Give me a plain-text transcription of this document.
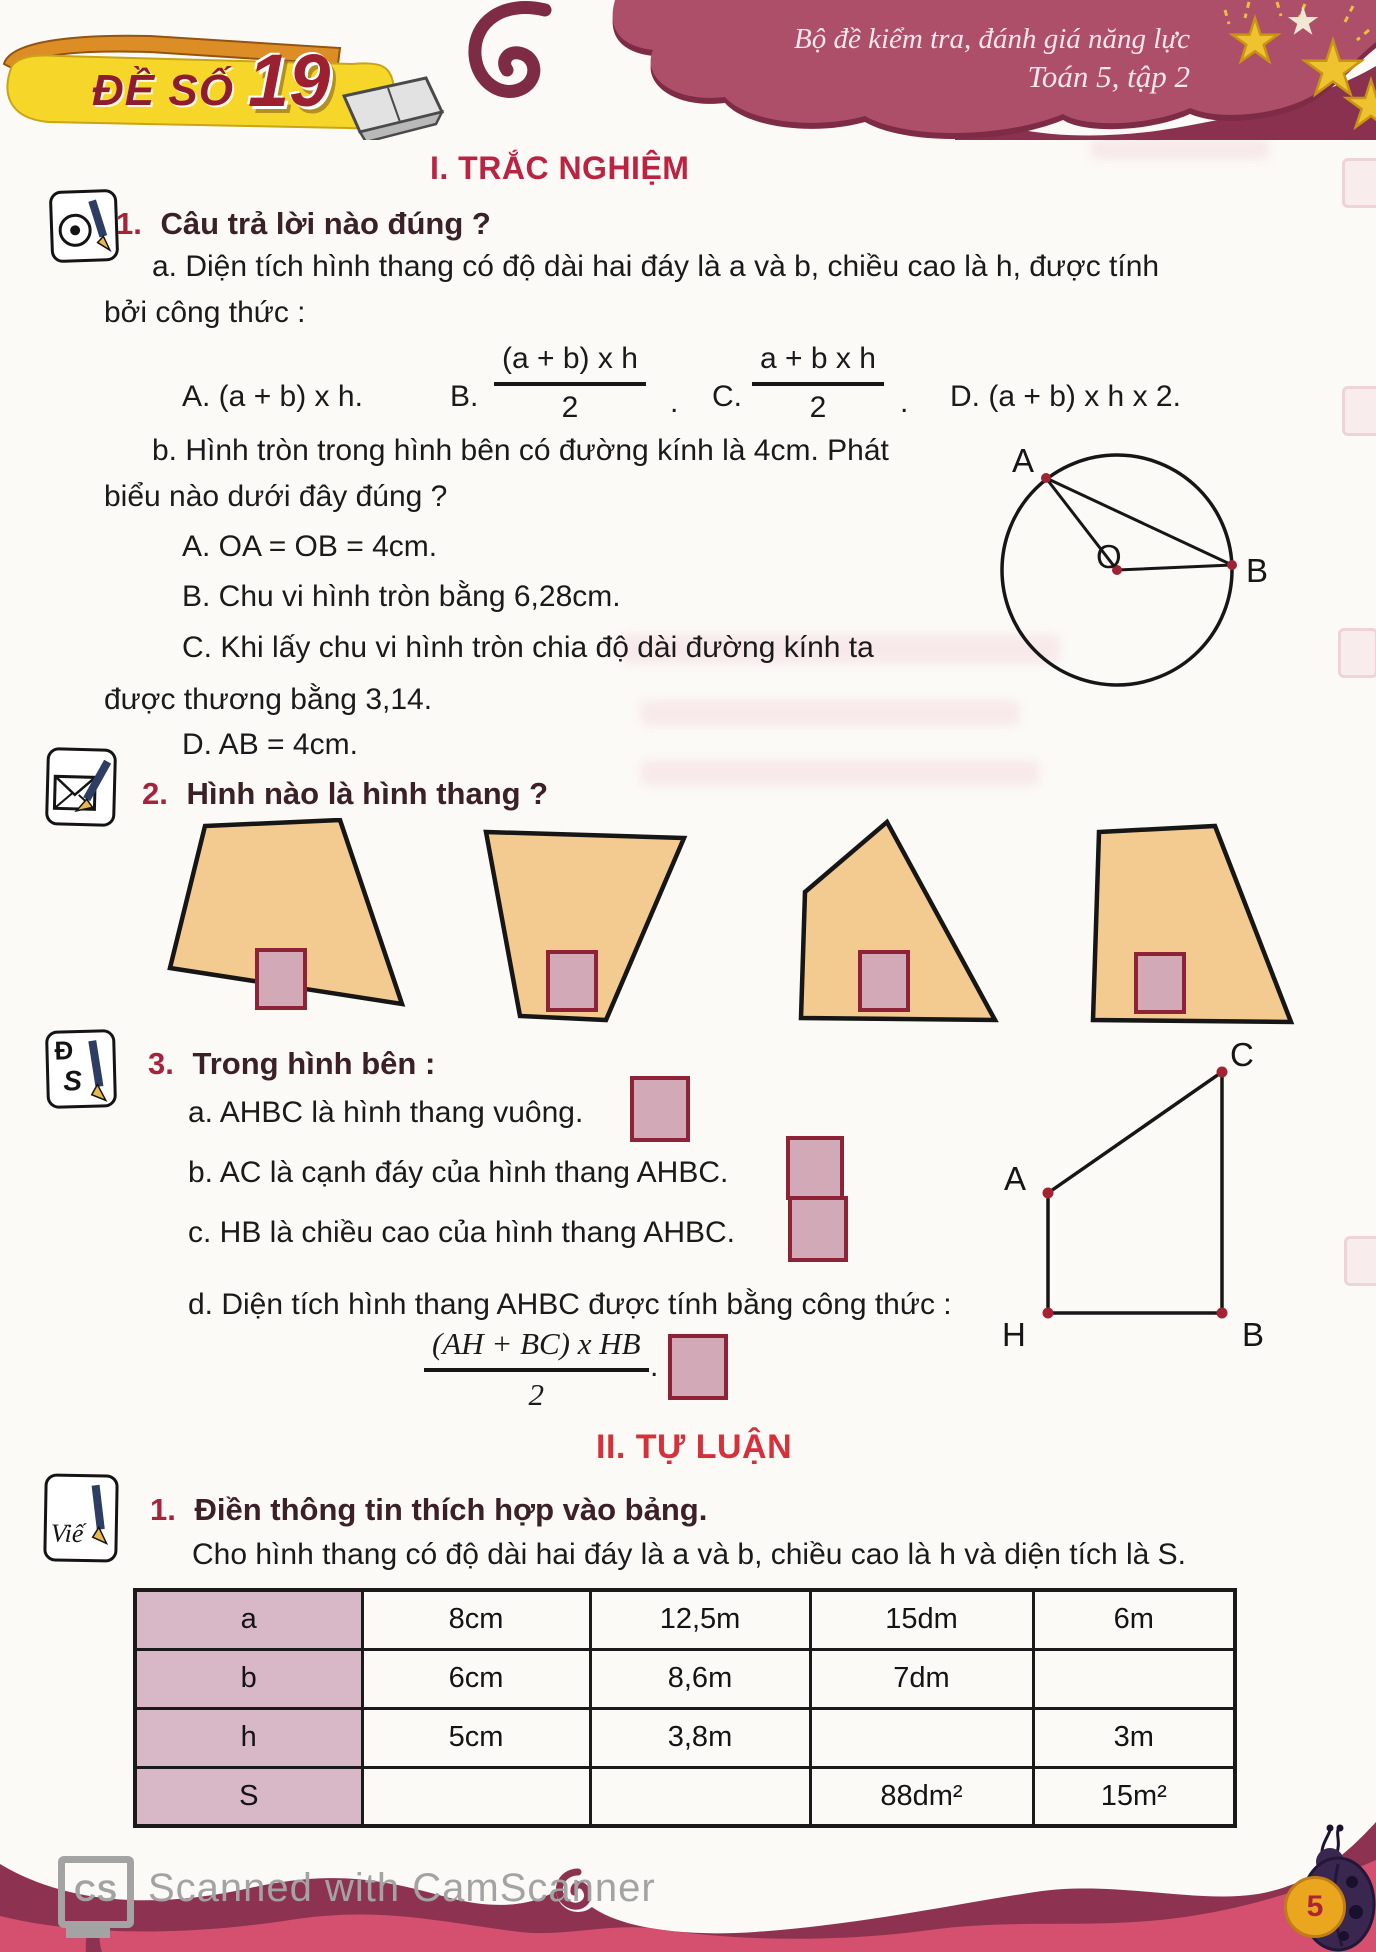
Bộ đề kiểm tra, đánh giá năng lực
Toán 5, tập 2
ĐỀ SỐ 19
I. TRẮC NGHIỆM
1. Câu trả lời nào đúng ?
a. Diện tích hình thang có độ dài hai đáy là a và b, chiều cao là h, được tính
bởi công thức :
A. (a + b) x h.	B. $\frac{\text{(a + b) x h}}{2}$ . C. $\frac{\text{a + b x h}}{2}$ . D. (a + b) x h x 2.
b. Hình tròn trong hình bên có đường kính là 4cm. Phát
biểu nào dưới đây đúng ?
A. OA = OB = 4cm.
B. Chu vi hình tròn bằng 6,28cm.
C. Khi lấy chu vi hình tròn chia độ dài đường kính ta
được thương bằng 3,14.
D. AB = 4cm.
A
O	B
2. Hình nào là hình thang ?
Đ
S 3. Trong hình bên :
a. AHBC là hình thang vuông.
b. AC là cạnh đáy của hình thang AHBC.
c. HB là chiều cao của hình thang AHBC.
d. Diện tích hình thang AHBC được tính bằng công thức :
$\frac{\text{(AH + BC) x HB}}{2}$ .
A
C
H	B
II. TỰ LUẬN
Viế
1. Điền thông tin thích hợp vào bảng.
Cho hình thang có độ dài hai đáy là a và b, chiều cao là h và diện tích là S.
a	8cm	12,5m	15dm	6m
b	6cm	8,6m	7dm	
h	5cm	3,8m		3m
S			88dm²	15m²
5
CS Scanned with CamScanner
